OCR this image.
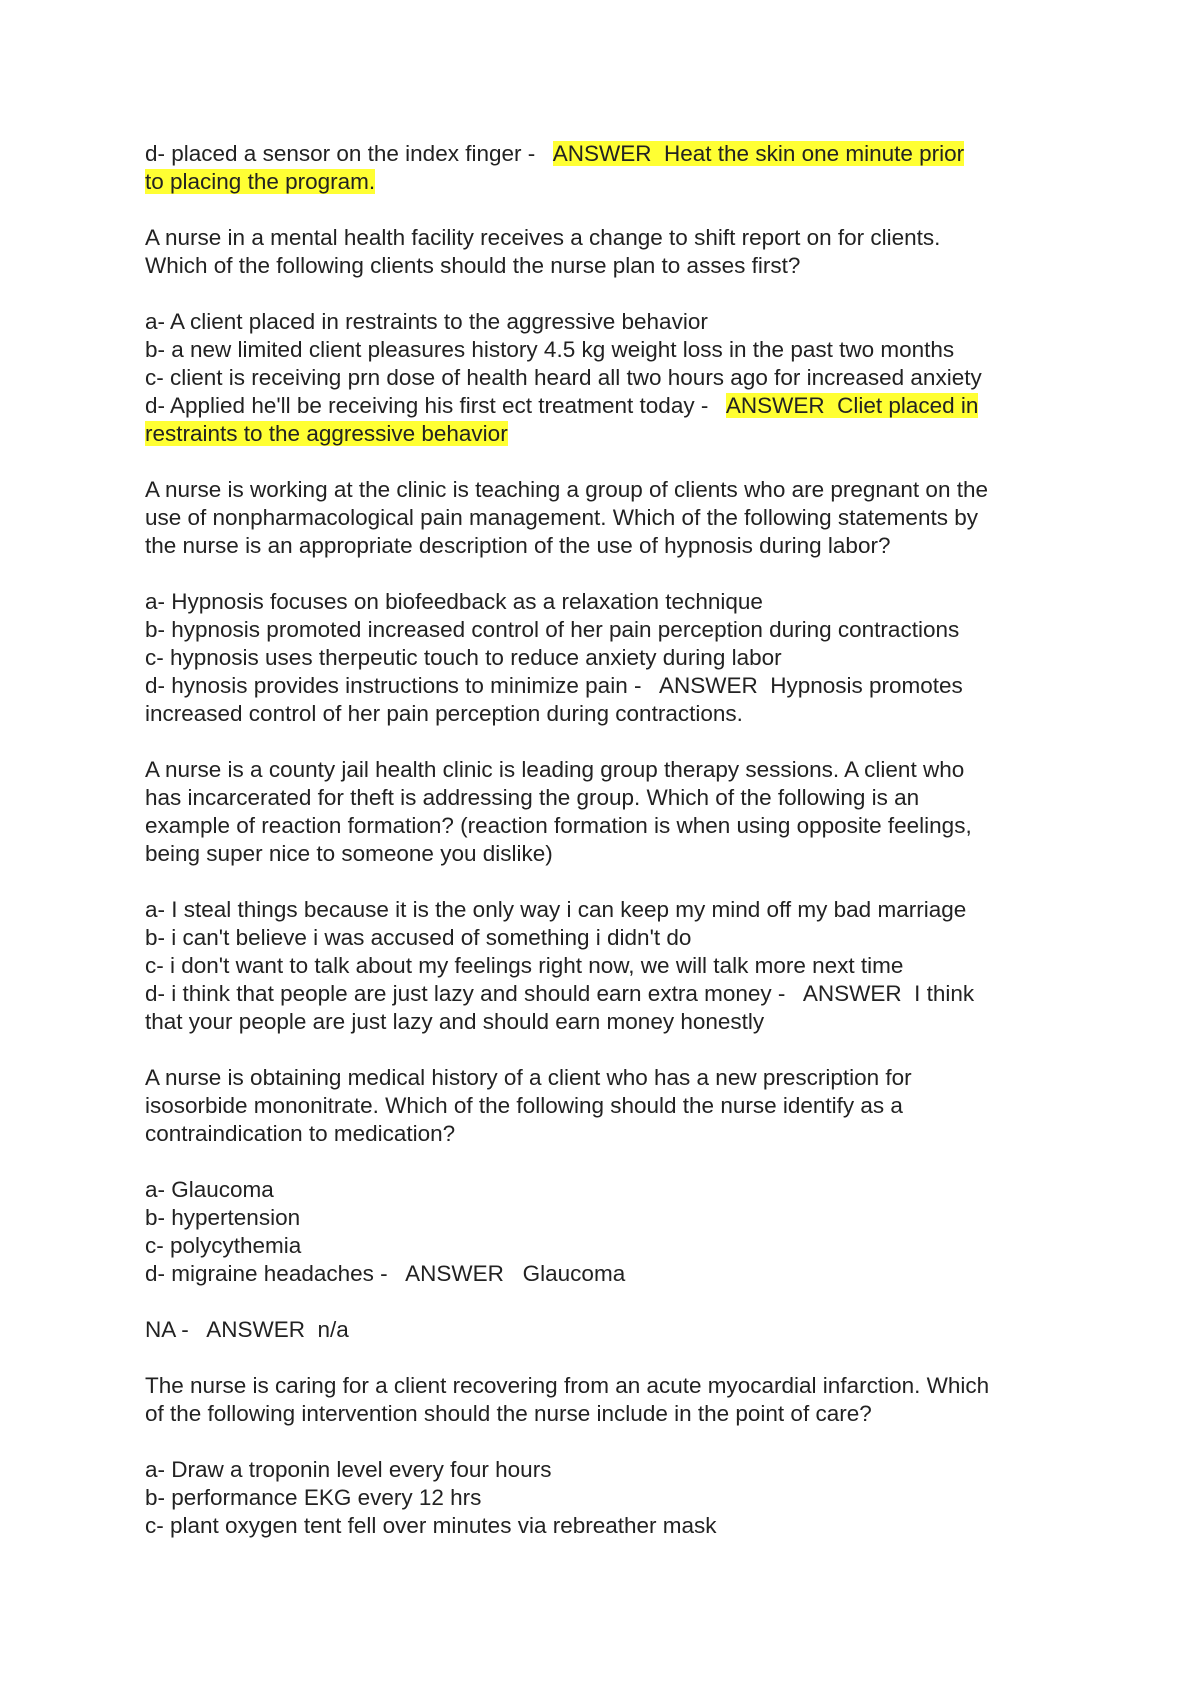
d- placed a sensor on the index finger -   ANSWER  Heat the skin one minute prior
to placing the program.
A nurse in a mental health facility receives a change to shift report on for clients.
Which of the following clients should the nurse plan to asses first?
a- A client placed in restraints to the aggressive behavior
b- a new limited client pleasures history 4.5 kg weight loss in the past two months
c- client is receiving prn dose of health heard all two hours ago for increased anxiety
d- Applied he'll be receiving his first ect treatment today -   ANSWER  Cliet placed in
restraints to the aggressive behavior
A nurse is working at the clinic is teaching a group of clients who are pregnant on the
use of nonpharmacological pain management. Which of the following statements by
the nurse is an appropriate description of the use of hypnosis during labor?
a- Hypnosis focuses on biofeedback as a relaxation technique
b- hypnosis promoted increased control of her pain perception during contractions
c- hypnosis uses therpeutic touch to reduce anxiety during labor
d- hynosis provides instructions to minimize pain -   ANSWER  Hypnosis promotes
increased control of her pain perception during contractions.
A nurse is a county jail health clinic is leading group therapy sessions. A client who
has incarcerated for theft is addressing the group. Which of the following is an
example of reaction formation? (reaction formation is when using opposite feelings,
being super nice to someone you dislike)
a- I steal things because it is the only way i can keep my mind off my bad marriage
b- i can't believe i was accused of something i didn't do
c- i don't want to talk about my feelings right now, we will talk more next time
d- i think that people are just lazy and should earn extra money -   ANSWER  I think
that your people are just lazy and should earn money honestly
A nurse is obtaining medical history of a client who has a new prescription for
isosorbide mononitrate. Which of the following should the nurse identify as a
contraindication to medication?
a- Glaucoma
b- hypertension
c- polycythemia
d- migraine headaches -   ANSWER   Glaucoma
NA -   ANSWER  n/a
The nurse is caring for a client recovering from an acute myocardial infarction. Which
of the following intervention should the nurse include in the point of care?
a- Draw a troponin level every four hours
b- performance EKG every 12 hrs
c- plant oxygen tent fell over minutes via rebreather mask
